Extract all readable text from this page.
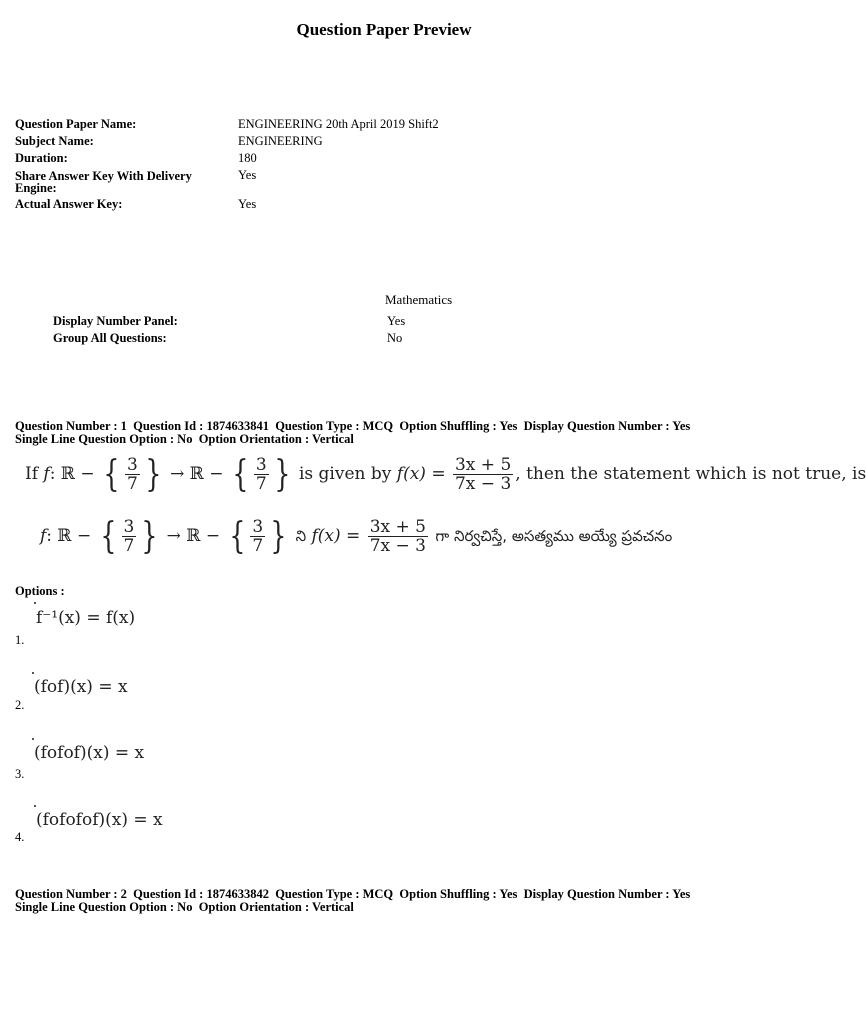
Question Paper Preview
Question Paper Name:	ENGINEERING 20th April 2019 Shift2
Subject Name:	ENGINEERING
Duration:	180
Share Answer Key With Delivery Engine:
Yes
Actual Answer Key:	Yes
Mathematics
Display Number Panel:	Yes
Group All Questions:	No
Question Number : 1  Question Id : 1874633841  Question Type : MCQ  Option Shuffling : Yes  Display Question Number : Yes
Single Line Question Option : No  Option Orientation : Vertical
If f: ℝ − { $\frac{3}{7}$ } → ℝ − { $\frac{3}{7}$ } is given by $f(x) = \frac{3x + 5}{7x - 3}$ , then the statement which is not true, is
f: ℝ − { $\frac{3}{7}$ } → ℝ − { $\frac{3}{7}$ } ని $f(x) = \frac{3x + 5}{7x - 3}$ గా నిర్వచిస్తే, అసత్యము అయ్యే ప్రవచనం
Options :
f⁻¹(x) = f(x)
1.
(fof)(x) = x
2.
(fofof)(x) = x
3.
(fofofof)(x) = x
4.
Question Number : 2  Question Id : 1874633842  Question Type : MCQ  Option Shuffling : Yes  Display Question Number : Yes
Single Line Question Option : No  Option Orientation : Vertical
